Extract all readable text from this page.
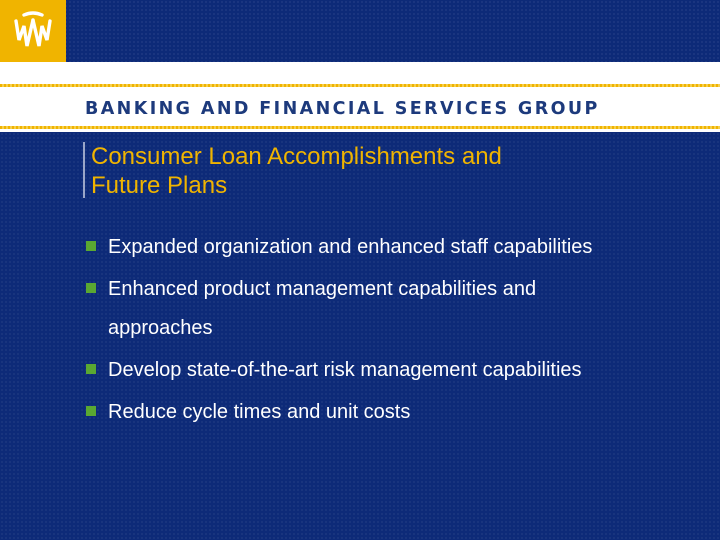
BANKING AND FINANCIAL SERVICES GROUP
Consumer Loan Accomplishments and
Future Plans
Expanded organization and enhanced staff capabilities
Enhanced product management capabilities and
approaches
Develop state-of-the-art risk management capabilities
Reduce cycle times and unit costs
